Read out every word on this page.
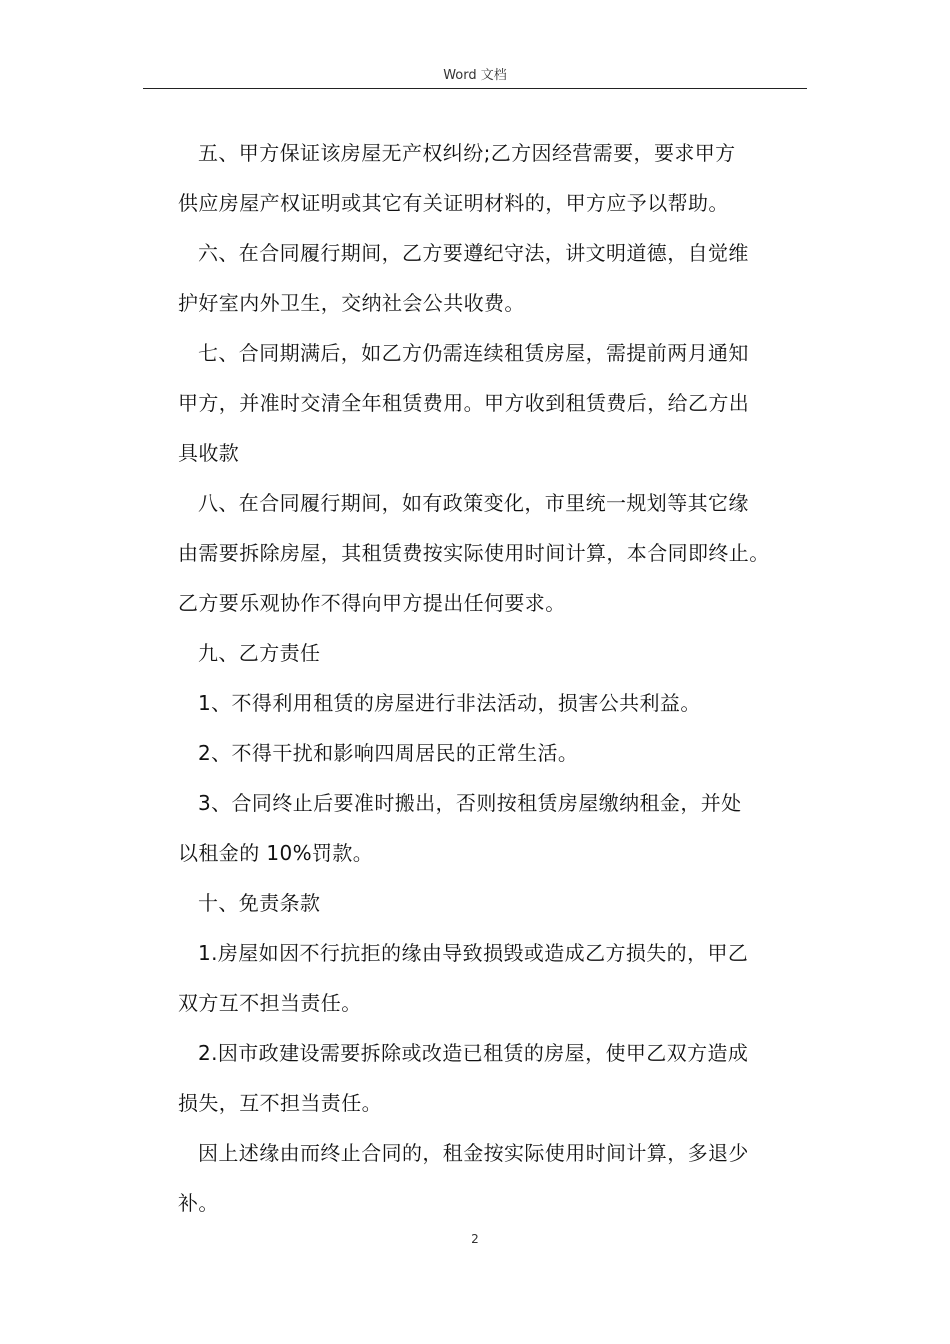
Word 文档
五、甲方保证该房屋无产权纠纷;乙方因经营需要，要求甲方
供应房屋产权证明或其它有关证明材料的，甲方应予以帮助。
六、在合同履行期间，乙方要遵纪守法，讲文明道德，自觉维
护好室内外卫生，交纳社会公共收费。
七、合同期满后，如乙方仍需连续租赁房屋，需提前两月通知
甲方，并准时交清全年租赁费用。甲方收到租赁费后，给乙方出
具收款
八、在合同履行期间，如有政策变化，市里统一规划等其它缘
由需要拆除房屋，其租赁费按实际使用时间计算，本合同即终止。
乙方要乐观协作不得向甲方提出任何要求。
九、乙方责任
1、不得利用租赁的房屋进行非法活动，损害公共利益。
2、不得干扰和影响四周居民的正常生活。
3、合同终止后要准时搬出，否则按租赁房屋缴纳租金，并处
以租金的 10%罚款。
十、免责条款
1.房屋如因不行抗拒的缘由导致损毁或造成乙方损失的，甲乙
双方互不担当责任。
2.因市政建设需要拆除或改造已租赁的房屋，使甲乙双方造成
损失，互不担当责任。
因上述缘由而终止合同的，租金按实际使用时间计算，多退少
补。
2
